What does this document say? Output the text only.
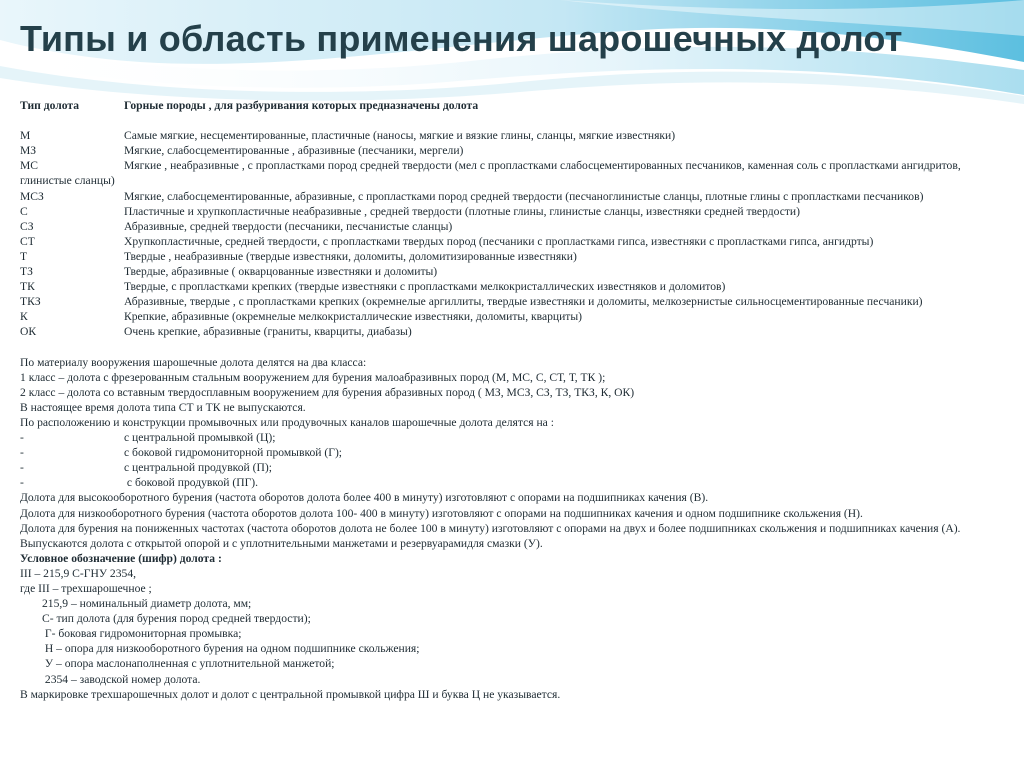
Типы и область применения шарошечных долот
Тип долота	Горные породы , для разбуривания которых предназначены долота
М	Самые мягкие, несцементированные, пластичные (наносы, мягкие и вязкие глины, сланцы, мягкие известняки)
МЗ	Мягкие, слабосцементированные , абразивные (песчаники, мергели)
МС	Мягкие , неабразивные , с пропластками пород средней твердости (мел с пропластками слабосцементированных песчаников, каменная соль с пропластками ангидритов, глинистые сланцы)
МСЗ	Мягкие, слабосцементированные, абразивные, с пропластками пород средней твердости (песчаноглинистые сланцы, плотные глины с пропластками песчаников)
С	Пластичные и хрупкопластичные неабразивные , средней твердости (плотные глины, глинистые сланцы, известняки средней твердости)
СЗ	Абразивные, средней твердости (песчаники, песчанистые сланцы)
СТ	Хрупкопластичные, средней твердости, с пропластками твердых пород (песчаники с пропластками гипса, известняки с пропластками гипса, ангидрты)
Т	Твердые , неабразивные (твердые известняки, доломиты, доломитизированные известняки)
ТЗ	Твердые, абразивные ( окварцованные известняки и доломиты)
ТК	Твердые, с пропластками крепких (твердые известняки с пропластками мелкокристаллических известняков и доломитов)
ТКЗ	Абразивные, твердые , с пропластками крепких (окремнелые аргиллиты, твердые известняки и доломиты, мелкозернистые сильносцементированные песчаники)
К	Крепкие, абразивные (окремнелые мелкокристаллические известняки, доломиты, кварциты)
ОК	Очень крепкие, абразивные (граниты, кварциты, диабазы)
По материалу вооружения шарошечные долота делятся на два класса:
1 класс – долота с фрезерованным стальным вооружением для бурения малоабразивных пород (М, МС, С, СТ, Т, ТК );
2 класс – долота со вставным твердосплавным вооружением для бурения абразивных пород ( МЗ, МСЗ, СЗ, ТЗ, ТКЗ, К, ОК)
В настоящее время долота типа СТ и ТК не выпускаются.
По расположению и конструкции промывочных или продувочных каналов шарошечные долота делятся на :
-	с центральной промывкой (Ц);
-	с боковой гидромониторной промывкой (Г);
-	с центральной продувкой (П);
-	с боковой продувкой (ПГ).
Долота для высокооборотного бурения (частота оборотов долота более 400 в минуту) изготовляют с опорами на подшипниках качения (В).
Долота для низкооборотного бурения (частота оборотов долота 100- 400 в минуту) изготовляют с опорами на подшипниках качения и одном подшипнике скольжения (Н).
Долота для бурения на пониженных частотах (частота оборотов долота не более 100 в минуту) изготовляют с опорами на двух и более подшипниках скольжения и подшипниках качения (А).
Выпускаются долота с открытой опорой и с уплотнительными манжетами и резервуарамидля смазки (У).
Условное обозначение (шифр) долота :
III – 215,9 С-ГНУ 2354,
где III – трехшарошечное ;
215,9 – номинальный диаметр долота, мм;
С- тип долота (для бурения пород средней твердости);
Г- боковая гидромониторная промывка;
Н – опора для низкооборотного бурения на одном подшипнике скольжения;
У – опора маслонаполненная с уплотнительной манжетой;
2354 – заводской номер долота.
В маркировке трехшарошечных долот и долот с центральной промывкой цифра Ш и буква Ц не указывается.
